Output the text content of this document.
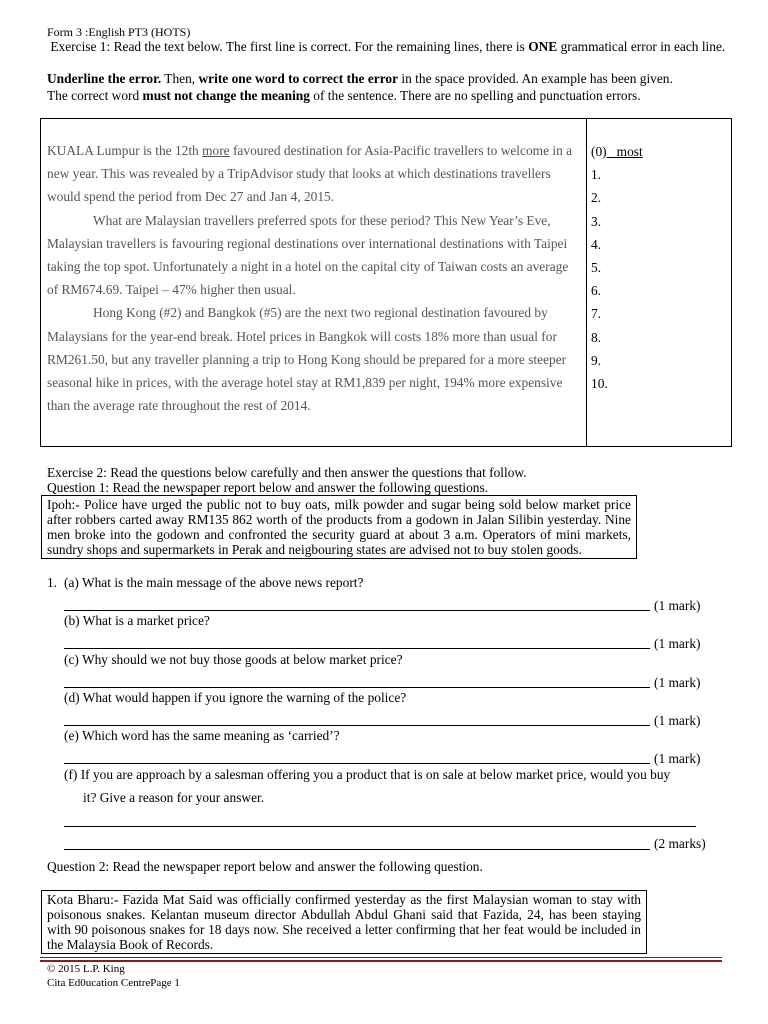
Form 3 :English PT3 (HOTS)
Exercise 1: Read the text below. The first line is correct. For the remaining lines, there is ONE grammatical error in each line.
Underline the error. Then, write one word to correct the error in the space provided. An example has been given.
The correct word must not change the meaning of the sentence. There are no spelling and punctuation errors.
KUALA Lumpur is the 12th more favoured destination for Asia-Pacific travellers to welcome in a new year. This was revealed by a TripAdvisor study that looks at which destinations travellers would spend the period from Dec 27 and Jan 4, 2015.
What are Malaysian travellers preferred spots for these period? This New Year’s Eve, Malaysian travellers is favouring regional destinations over international destinations with Taipei taking the top spot. Unfortunately a night in a hotel on the capital city of Taiwan costs an average of RM674.69. Taipei – 47% higher then usual.
Hong Kong (#2) and Bangkok (#5) are the next two regional destination favoured by Malaysians for the year-end break. Hotel prices in Bangkok will costs 18% more than usual for RM261.50, but any traveller planning a trip to Hong Kong should be prepared for a more steeper seasonal hike in prices, with the average hotel stay at RM1,839 per night, 194% more expensive than the average rate throughout the rest of 2014.
(0) most
1.
2.
3.
4.
5.
6.
7.
8.
9.
10.
Exercise 2: Read the questions below carefully and then answer the questions that follow.
Question 1: Read the newspaper report below and answer the following questions.
Ipoh:- Police have urged the public not to buy oats, milk powder and sugar being sold below market price after robbers carted away RM135 862 worth of the products from a godown in Jalan Silibin yesterday. Nine men broke into the godown and confronted the security guard at about 3 a.m. Operators of mini markets, sundry shops and supermarkets in Perak and neigbouring states are advised not to buy stolen goods.
1. (a) What is the main message of the above news report?
(1 mark)
(b) What is a market price?
(1 mark)
(c) Why should we not buy those goods at below market price?
(1 mark)
(d) What would happen if you ignore the warning of the police?
(1 mark)
(e) Which word has the same meaning as ‘carried’?
(1 mark)
(f) If you are approach by a salesman offering you a product that is on sale at below market price, would you buy
it? Give a reason for your answer.
(2 marks)
Question 2: Read the newspaper report below and answer the following question.
Kota Bharu:- Fazida Mat Said was officially confirmed yesterday as the first Malaysian woman to stay with poisonous snakes. Kelantan museum director Abdullah Abdul Ghani said that Fazida, 24, has been staying with 90 poisonous snakes for 18 days now. She received a letter confirming that her feat would be included in the Malaysia Book of Records.
© 2015 L.P. King
Cita Ed0ucation CentrePage 1
